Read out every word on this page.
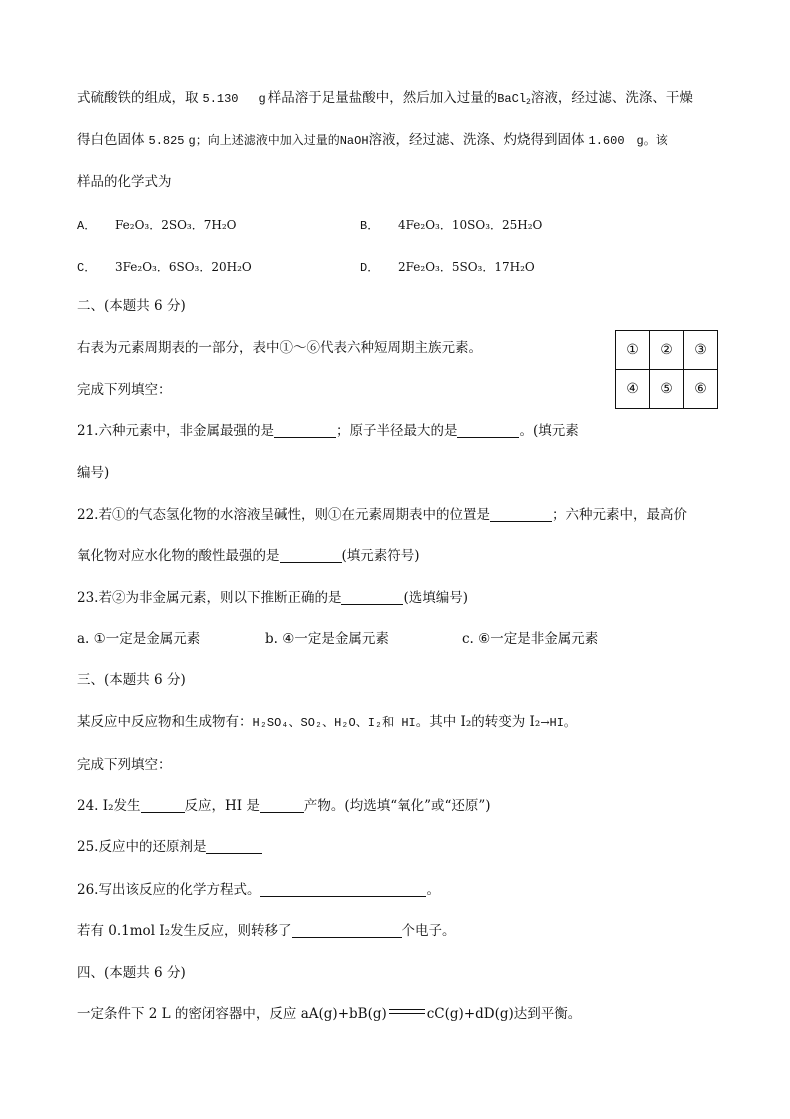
式硫酸铁的组成，取 5.130 g 样品溶于足量盐酸中，然后加入过量的BaCl$_2$溶液，经过滤、洗涤、干燥
得白色固体 5.825 g；向上述滤液中加入过量的NaOH溶液，经过滤、洗涤、灼烧得到固体 1.600 g。该
样品的化学式为
A． Fe₂O₃．2SO₃．7H₂O	B． 4Fe₂O₃．10SO₃．25H₂O
C． 3Fe₂O₃．6SO₃．20H₂O	D． 2Fe₂O₃．5SO₃．17H₂O
二、(本题共 6 分)
右表为元素周期表的一部分，表中①～⑥代表六种短周期主族元素。
完成下列填空：
①	②	③
④	⑤	⑥
21.六种元素中，非金属最强的是	；原子半径最大的是	。(填元素
编号)
22.若①的气态氢化物的水溶液呈碱性，则①在元素周期表中的位置是	；六种元素中，最高价
氧化物对应水化物的酸性最强的是	(填元素符号)
23.若②为非金属元素，则以下推断正确的是	(选填编号)
a. ①一定是金属元素	b. ④一定是金属元素	c. ⑥一定是非金属元素
三、(本题共 6 分)
某反应中反应物和生成物有：H₂SO₄、SO₂、H₂O、I₂和 HI。其中 I₂的转变为 I₂→HI。
完成下列填空：
24. I₂发生	反应，HI 是	产物。(均选填“氧化”或“还原”)
25.反应中的还原剂是
26.写出该反应的化学方程式。	。
若有 0.1mol I₂发生反应，则转移了	个电子。
四、(本题共 6 分)
一定条件下 2 L 的密闭容器中，反应 aA(g)+bB(g)	cC(g)+dD(g)达到平衡。
